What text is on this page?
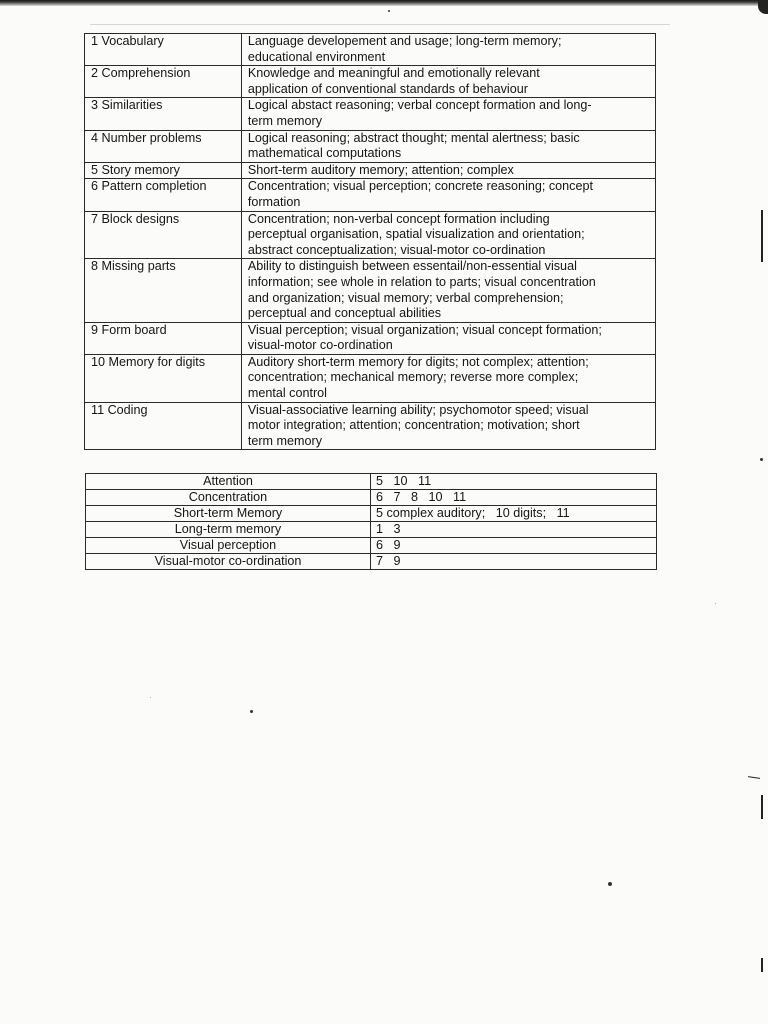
1 Vocabulary	Language developement and usage; long-term memory;
educational environment

2 Comprehension	Knowledge and meaningful and emotionally relevant
application of conventional standards of behaviour

3 Similarities	Logical abstact reasoning; verbal concept formation and long-
term memory

4 Number problems	Logical reasoning; abstract thought; mental alertness; basic
mathematical computations

5 Story memory	Short-term auditory memory; attention; complex

6 Pattern completion	Concentration; visual perception; concrete reasoning; concept
formation

7 Block designs	Concentration; non-verbal concept formation including
perceptual organisation, spatial visualization and orientation;
abstract conceptualization; visual-motor co-ordination

8 Missing parts	Ability to distinguish between essentail/non-essential visual
information; see whole in relation to parts; visual concentration
and organization; visual memory; verbal comprehension;
perceptual and conceptual abilities

9 Form board	Visual perception; visual organization; visual concept formation;
visual-motor co-ordination

10 Memory for digits	Auditory short-term memory for digits; not complex; attention;
concentration; mechanical memory; reverse more complex;
mental control

11 Coding	Visual-associative learning ability; psychomotor speed; visual
motor integration; attention; concentration; motivation; short
term memory
Attention	5   10   11
Concentration	6   7   8   10   11
Short-term Memory	5 complex auditory;   10 digits;   11
Long-term memory	1   3
Visual perception	6   9
Visual-motor co-ordination	7   9
